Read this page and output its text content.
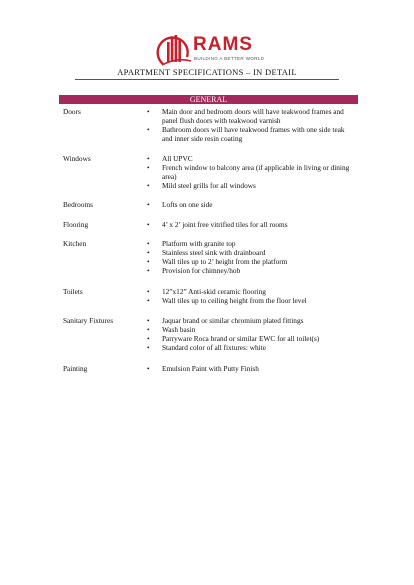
RAMS
BUILDING A BETTER WORLD
APARTMENT SPECIFICATIONS – IN DETAIL
GENERAL
Doors	• Main door and bedroom doors will have teakwood frames and panel flush doors with teakwood varnish
• Bathroom doors will have teakwood frames with one side teak and inner side resin coating
Windows	• All UPVC
• French window to balcony area (if applicable in living or dining area)
• Mild steel grills for all windows
Bedrooms	• Lofts on one side
Flooring	• 4’ x 2’ joint free vitrified tiles for all rooms
Kitchen	• Platform with granite top
• Stainless steel sink with drainboard
• Wall tiles up to 2’ height from the platform
• Provision for chimney/hob
Toilets	• 12”x12” Anti-skid ceramic flooring
• Wall tiles up to ceiling height from the floor level
Sanitary Fixtures	• Jaquar brand or similar chromium plated fittings
• Wash basin
• Parryware Roca brand or similar EWC for all toilet(s)
• Standard color of all fixtures: white
Painting	• Emulsion Paint with Putty Finish
